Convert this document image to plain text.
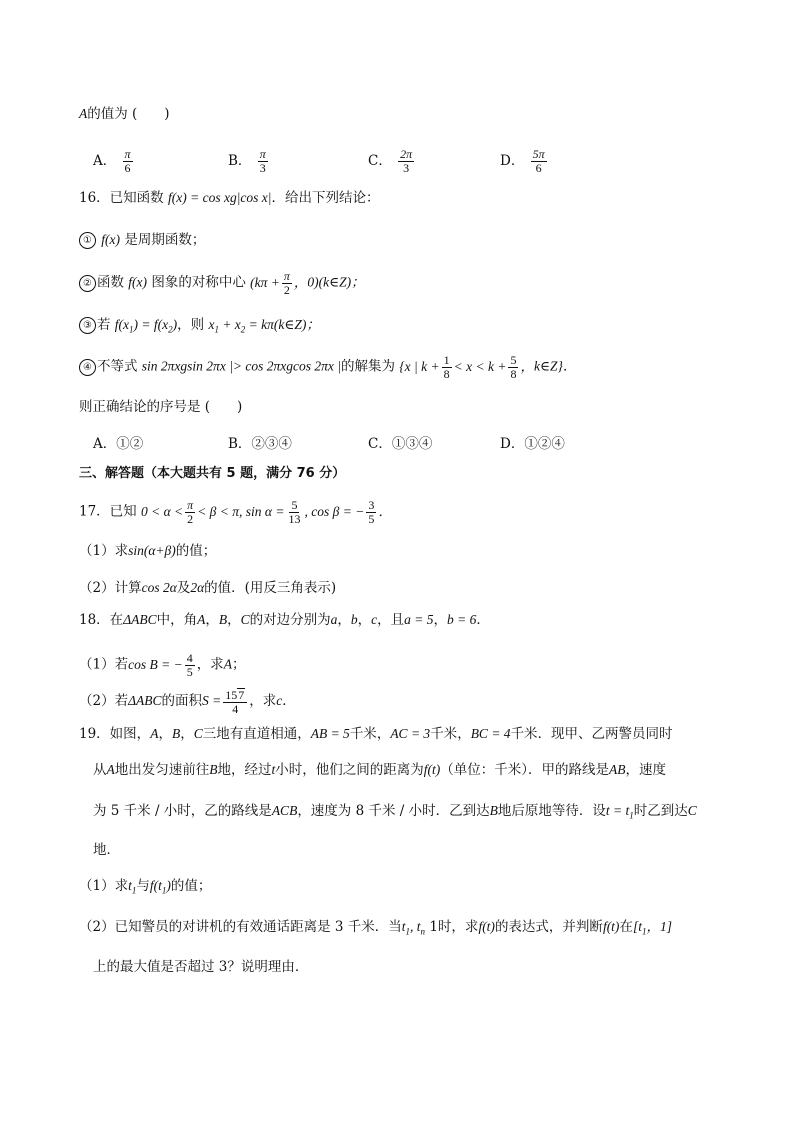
A的值为 (　　)
A． $\frac{\pi}{6}$	B． $\frac{\pi}{3}$	C． $\frac{2\pi}{3}$	D． $\frac{5\pi}{6}$
16．已知函数 f(x) = cos xg|cos x|．给出下列结论：
① f(x) 是周期函数；
② 函数 f(x) 图象的对称中心 ($k\pi + \frac{\pi}{2}$ ，0)(k∈Z)；
③ 若 $f(x_1) = f(x_2)$，则 $x_1 + x_2$ = kπ(k∈Z)；
④ 不等式 sin 2πxgsin 2πx |> cos 2πxgcos 2πx |的解集为 {x | $k + \frac{1}{8} < x < k + \frac{5}{8}$ ，k∈Z}．
则正确结论的序号是 (　　)
A．①②	B．②③④	C．①③④	D．①②④
三、解答题（本大题共有 5 题，满分 76 分）
17．已知 $0 < \alpha < \frac{\pi}{2} < \beta < \pi$, $\sin \alpha = \frac{5}{13}$ , cos β = − $\frac{3}{5}$ ．
（1）求sin(α+β)的值；
（2）计算cos 2α及2α的值．(用反三角表示)
18．在ΔABC中，角A，B，C的对边分别为a，b，c，且a = 5，b = 6．
（1）若cos B = − $\frac{4}{5}$ ，求A；
（2）若ΔABC的面积$S = \frac{157}{4}$ ，求c．
19．如图，A，B，C三地有直道相通，AB = 5千米，AC = 3千米，BC = 4千米．现甲、乙两警员同时
从A地出发匀速前往B地，经过t小时，他们之间的距离为f(t)（单位：千米）．甲的路线是AB，速度
为 5 千米 / 小时，乙的路线是ACB，速度为 8 千米 / 小时．乙到达B地后原地等待．设$t = t_1$时乙到达C
地．
（1）求$t_1$与$f(t_1)$的值；
（2）已知警员的对讲机的有效通话距离是 3 千米．当$t_1$, $t_n$ 1时，求f(t)的表达式，并判断f(t)在[$t_1$，1]
上的最大值是否超过 3？说明理由．
